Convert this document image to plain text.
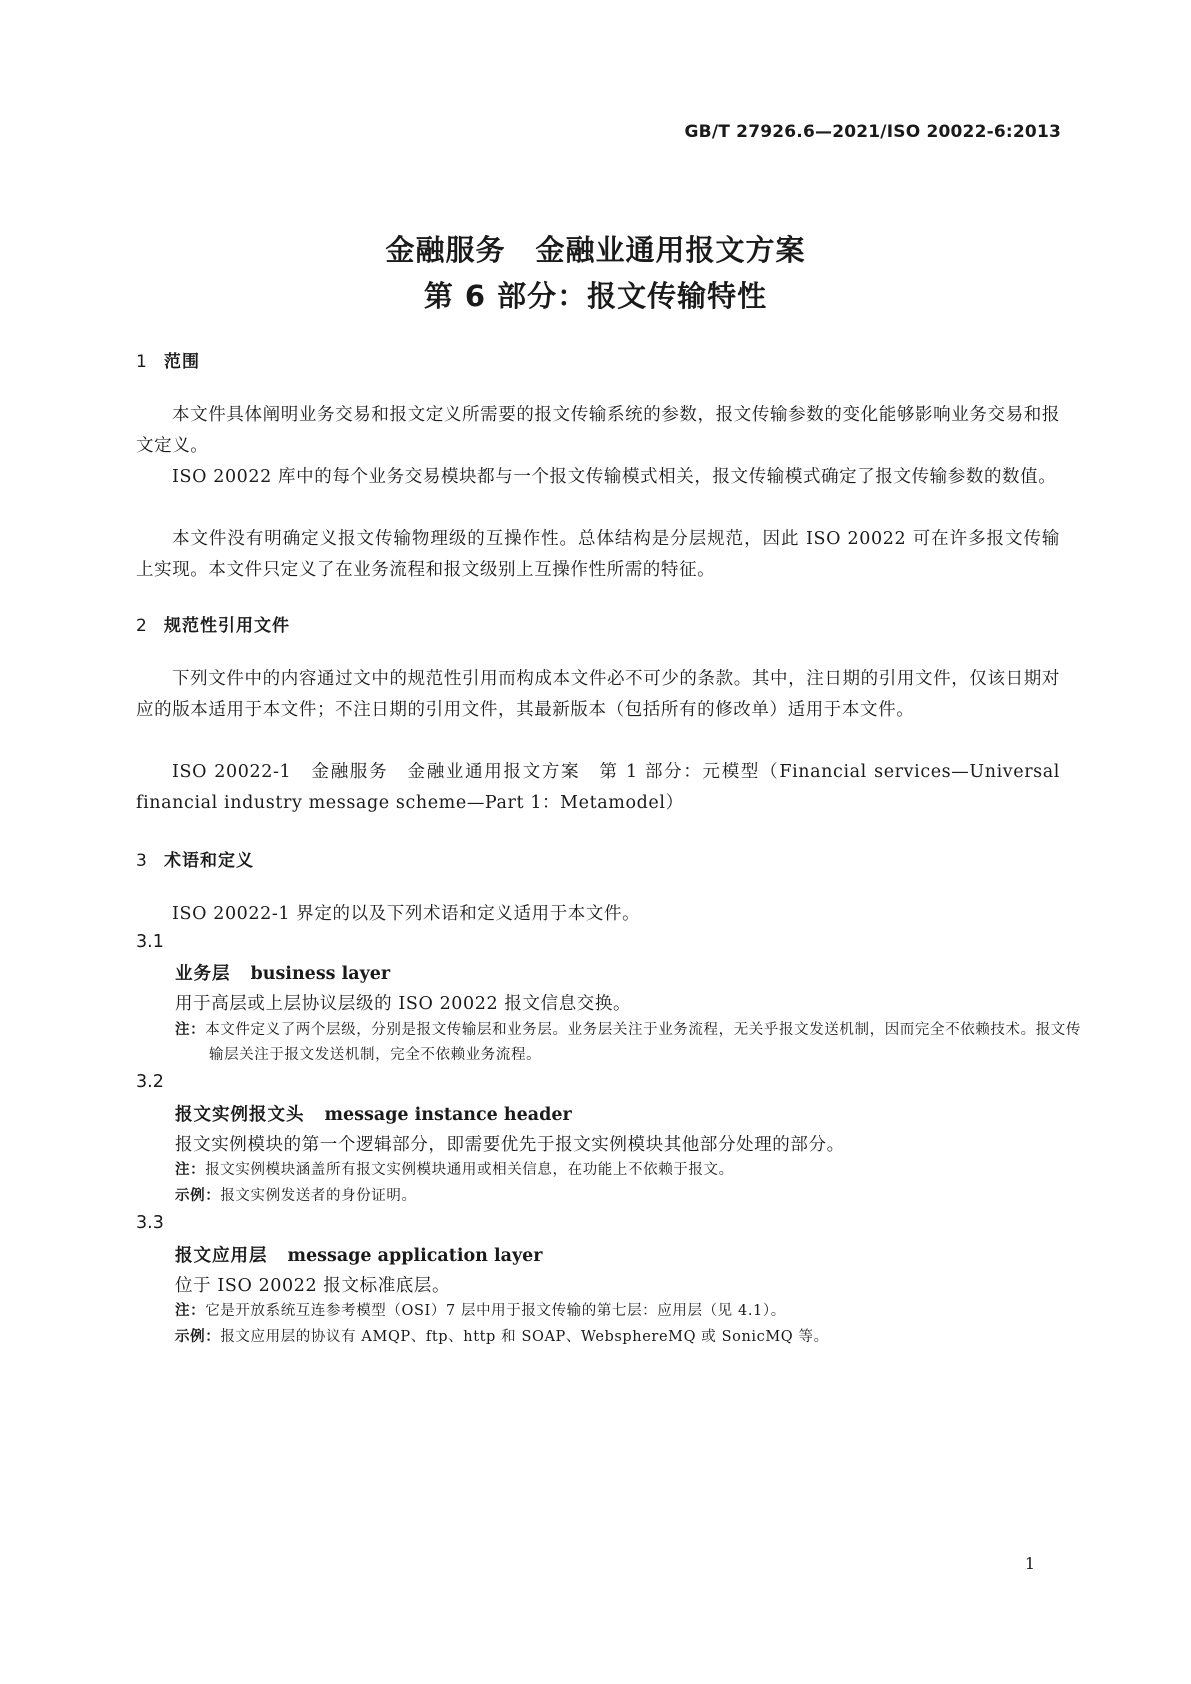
GB/T 27926.6—2021/ISO 20022-6:2013
金融服务　金融业通用报文方案
第 6 部分：报文传输特性
1 范围
本文件具体阐明业务交易和报文定义所需要的报文传输系统的参数，报文传输参数的变化能够影响业务交易和报文定义。
ISO 20022 库中的每个业务交易模块都与一个报文传输模式相关，报文传输模式确定了报文传输参数的数值。
本文件没有明确定义报文传输物理级的互操作性。总体结构是分层规范，因此 ISO 20022 可在许多报文传输上实现。本文件只定义了在业务流程和报文级别上互操作性所需的特征。
2 规范性引用文件
下列文件中的内容通过文中的规范性引用而构成本文件必不可少的条款。其中，注日期的引用文件，仅该日期对应的版本适用于本文件；不注日期的引用文件，其最新版本（包括所有的修改单）适用于本文件。
ISO 20022-1　金融服务　金融业通用报文方案　第 1 部分：元模型（Financial services—Universal financial industry message scheme—Part 1：Metamodel）
3 术语和定义
ISO 20022-1 界定的以及下列术语和定义适用于本文件。
3.1
业务层 business layer
用于高层或上层协议层级的 ISO 20022 报文信息交换。
注：本文件定义了两个层级，分别是报文传输层和业务层。业务层关注于业务流程，无关乎报文发送机制，因而完全不依赖技术。报文传输层关注于报文发送机制，完全不依赖业务流程。
3.2
报文实例报文头 message instance header
报文实例模块的第一个逻辑部分，即需要优先于报文实例模块其他部分处理的部分。
注：报文实例模块涵盖所有报文实例模块通用或相关信息，在功能上不依赖于报文。
示例：报文实例发送者的身份证明。
3.3
报文应用层 message application layer
位于 ISO 20022 报文标准底层。
注：它是开放系统互连参考模型（OSI）7 层中用于报文传输的第七层：应用层（见 4.1）。
示例：报文应用层的协议有 AMQP、ftp、http 和 SOAP、WebsphereMQ 或 SonicMQ 等。
1
